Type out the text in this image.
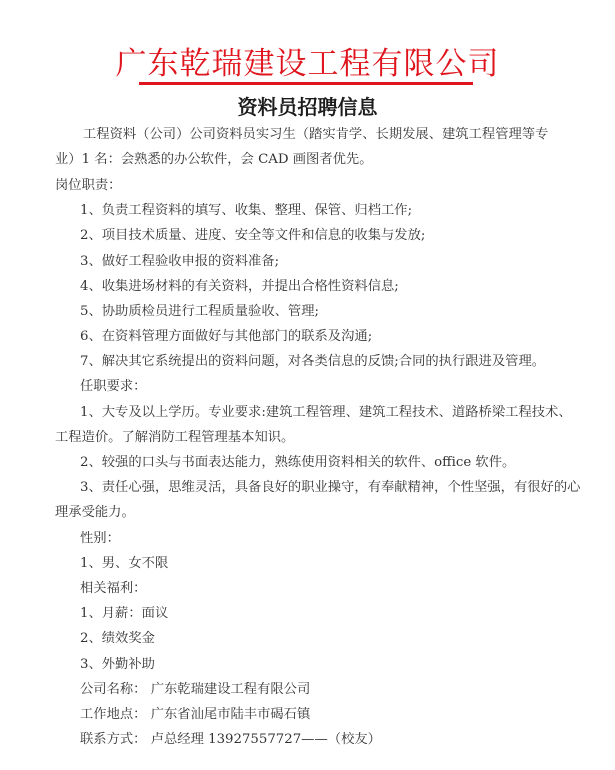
广东乾瑞建设工程有限公司
资料员招聘信息
工程资料（公司）公司资料员实习生（踏实肯学、长期发展、建筑工程管理等专
业）1 名：会熟悉的办公软件，会 CAD 画图者优先。
岗位职责：
1、负责工程资料的填写、收集、整理、保管、归档工作;
2、项目技术质量、进度、安全等文件和信息的收集与发放;
3、做好工程验收申报的资料准备;
4、收集进场材料的有关资料，并提出合格性资料信息;
5、协助质检员进行工程质量验收、管理;
6、在资料管理方面做好与其他部门的联系及沟通;
7、解决其它系统提出的资料问题，对各类信息的反馈;合同的执行跟进及管理。
任职要求：
1、大专及以上学历。专业要求:建筑工程管理、建筑工程技术、道路桥梁工程技术、
工程造价。了解消防工程管理基本知识。
2、较强的口头与书面表达能力，熟练使用资料相关的软件、office 软件。
3、责任心强，思维灵活，具备良好的职业操守，有奉献精神，个性坚强，有很好的心
理承受能力。
性别：
1、男、女不限
相关福利：
1、月薪：面议
2、绩效奖金
3、外勤补助
公司名称： 广东乾瑞建设工程有限公司
工作地点： 广东省汕尾市陆丰市碣石镇
联系方式： 卢总经理 13927557727——（校友）
